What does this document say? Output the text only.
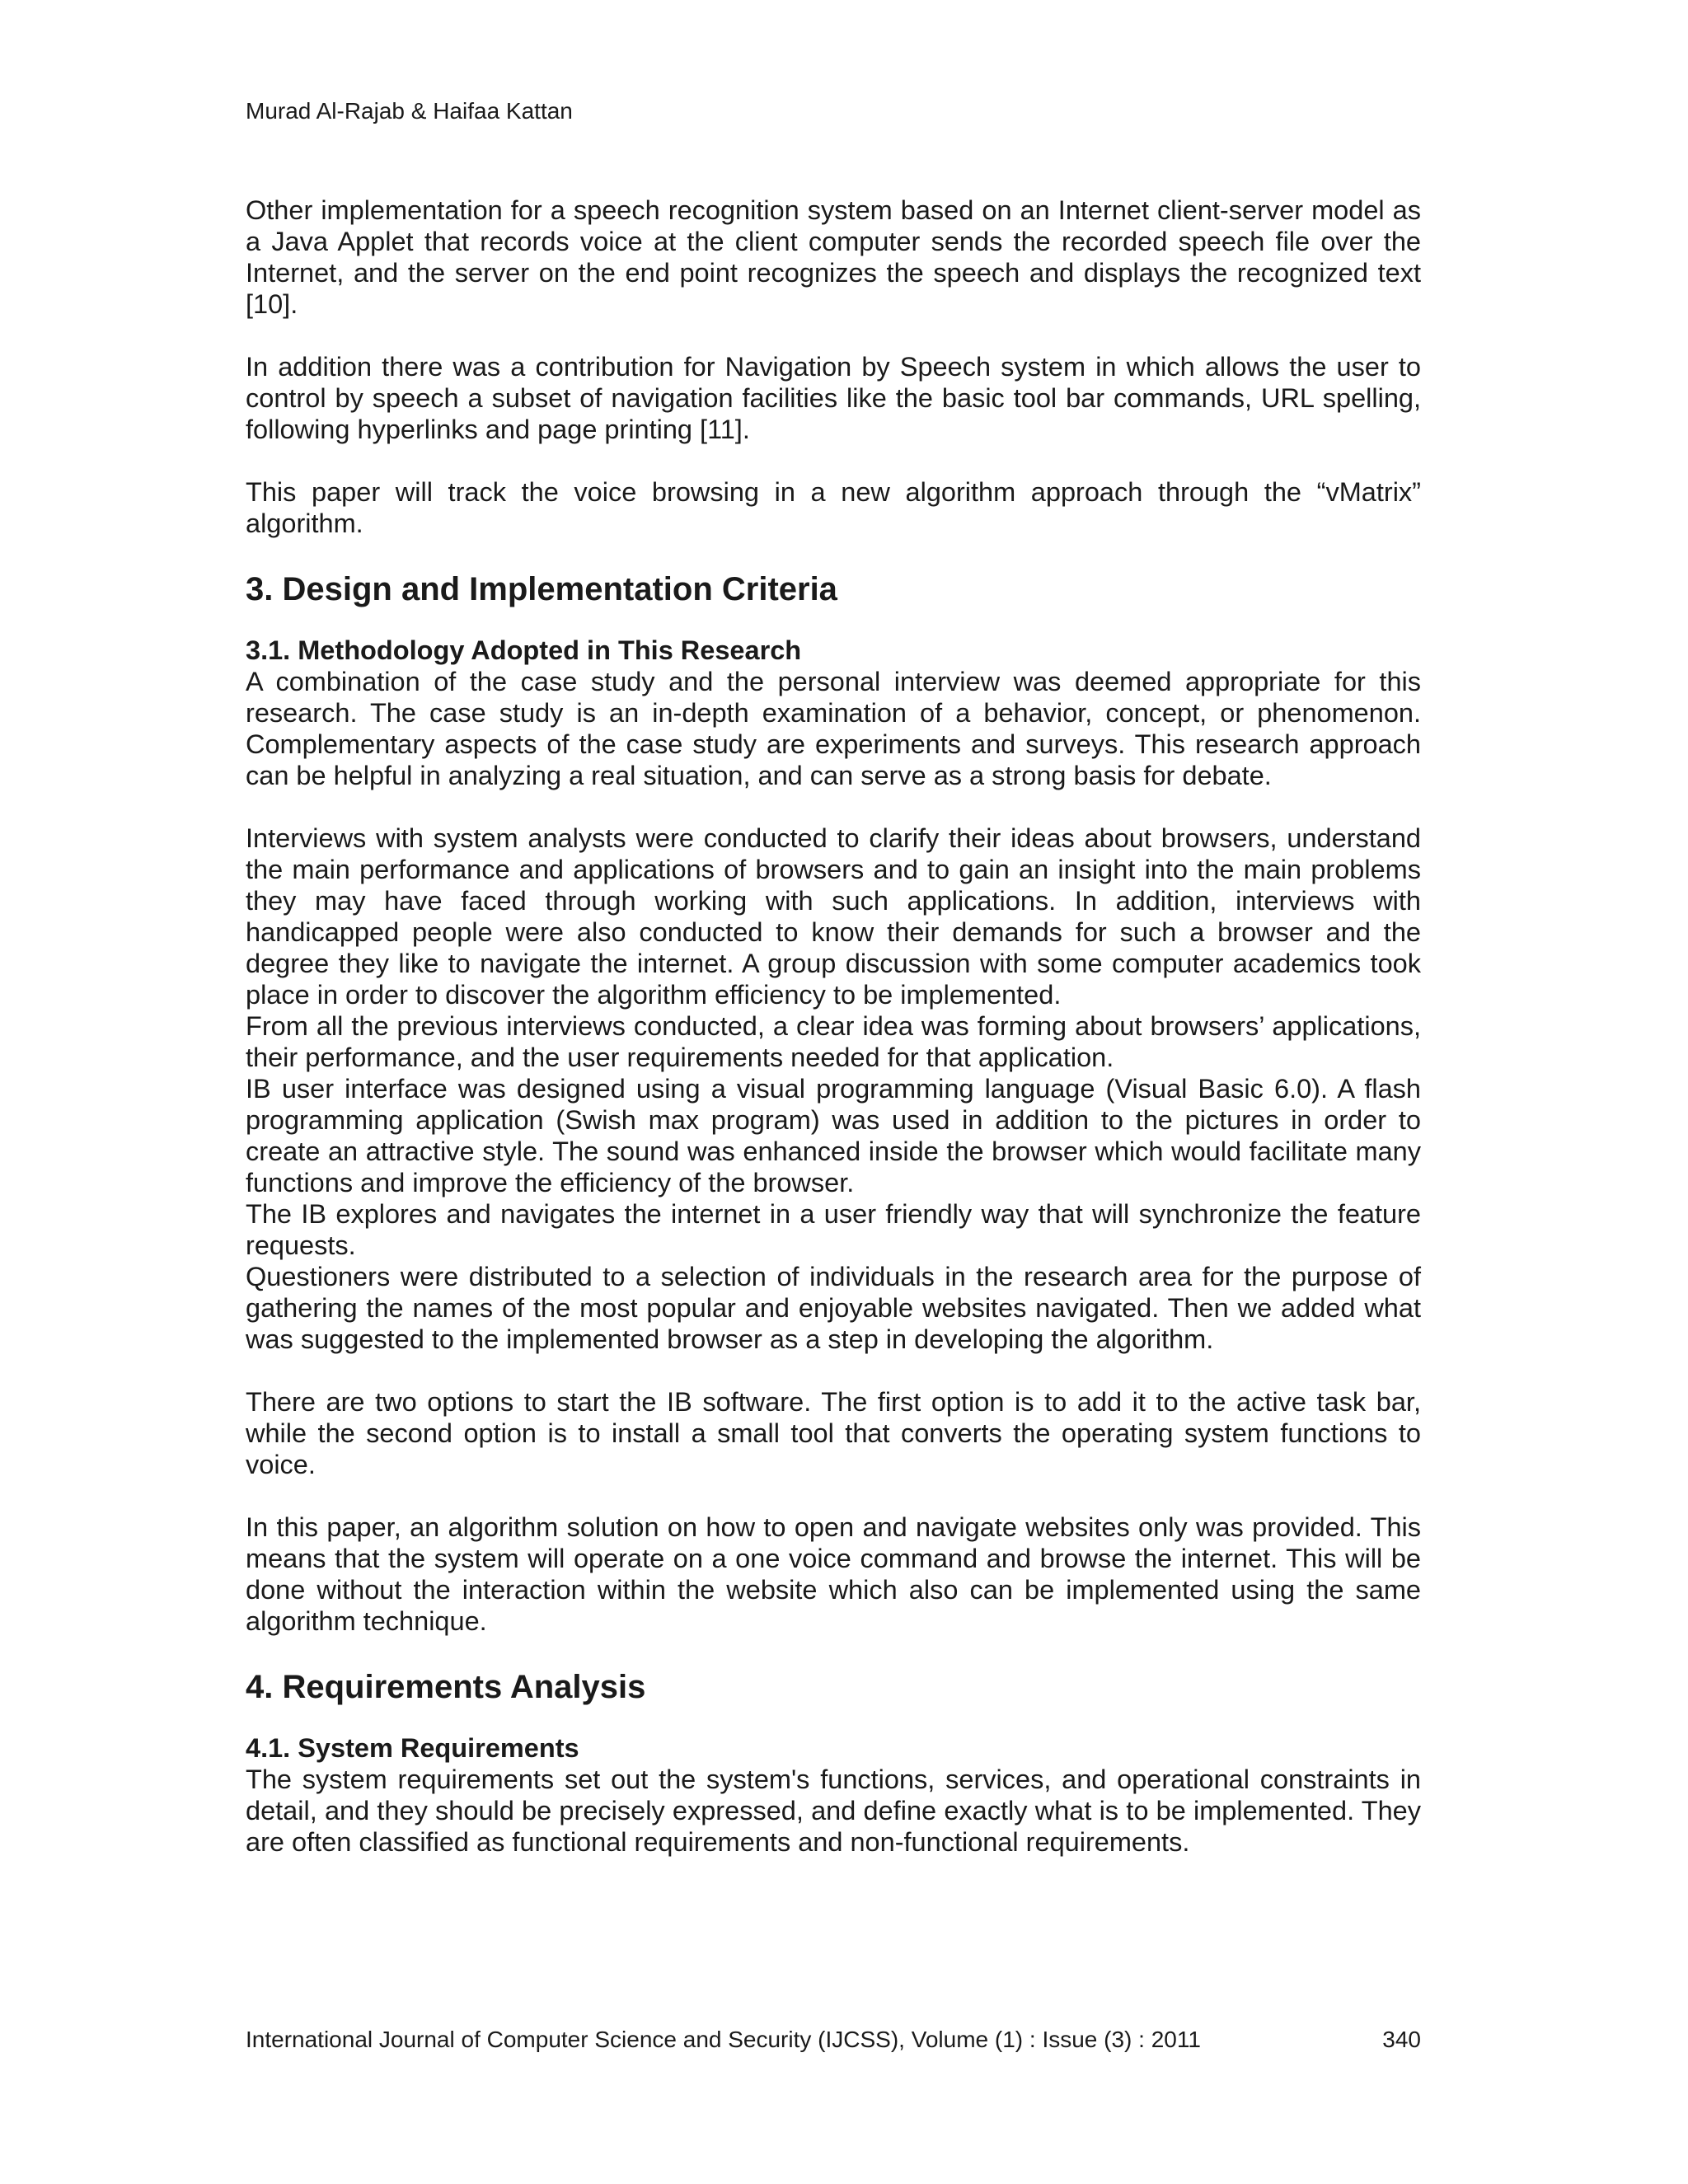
Murad Al-Rajab & Haifaa Kattan

Other implementation for a speech recognition system based on an Internet client-server model as a Java Applet that records voice at the client computer sends the recorded speech file over the Internet, and the server on the end point recognizes the speech and displays the recognized text [10].

In addition there was a contribution for Navigation by Speech system in which allows the user to control by speech a subset of navigation facilities like the basic tool bar commands, URL spelling, following hyperlinks and page printing [11].

This paper will track the voice browsing in a new algorithm approach through the “vMatrix” algorithm.

3. Design and Implementation Criteria
3.1. Methodology Adopted in This Research

A combination of the case study and the personal interview was deemed appropriate for this research. The case study is an in-depth examination of a behavior, concept, or phenomenon. Complementary aspects of the case study are experiments and surveys. This research approach can be helpful in analyzing a real situation, and can serve as a strong basis for debate.

Interviews with system analysts were conducted to clarify their ideas about browsers, understand the main performance and applications of browsers and to gain an insight into the main problems they may have faced through working with such applications. In addition, interviews with handicapped people were also conducted to know their demands for such a browser and the degree they like to navigate the internet. A group discussion with some computer academics took place in order to discover the algorithm efficiency to be implemented.

From all the previous interviews conducted, a clear idea was forming about browsers’ applications, their performance, and the user requirements needed for that application.

IB user interface was designed using a visual programming language (Visual Basic 6.0). A flash programming application (Swish max program) was used in addition to the pictures in order to create an attractive style. The sound was enhanced inside the browser which would facilitate many functions and improve the efficiency of the browser.

The IB explores and navigates the internet in a user friendly way that will synchronize the feature requests.

Questioners were distributed to a selection of individuals in the research area for the purpose of gathering the names of the most popular and enjoyable websites navigated. Then we added what was suggested to the implemented browser as a step in developing the algorithm.

There are two options to start the IB software. The first option is to add it to the active task bar, while the second option is to install a small tool that converts the operating system functions to voice.

In this paper, an algorithm solution on how to open and navigate websites only was provided. This means that the system will operate on a one voice command and browse the internet. This will be done without the interaction within the website which also can be implemented using the same algorithm technique.

4. Requirements Analysis
4.1. System Requirements

The system requirements set out the system's functions, services, and operational constraints in detail, and they should be precisely expressed, and define exactly what is to be implemented. They are often classified as functional requirements and non-functional requirements.

International Journal of Computer Science and Security (IJCSS), Volume (1) : Issue (3) : 2011	340
